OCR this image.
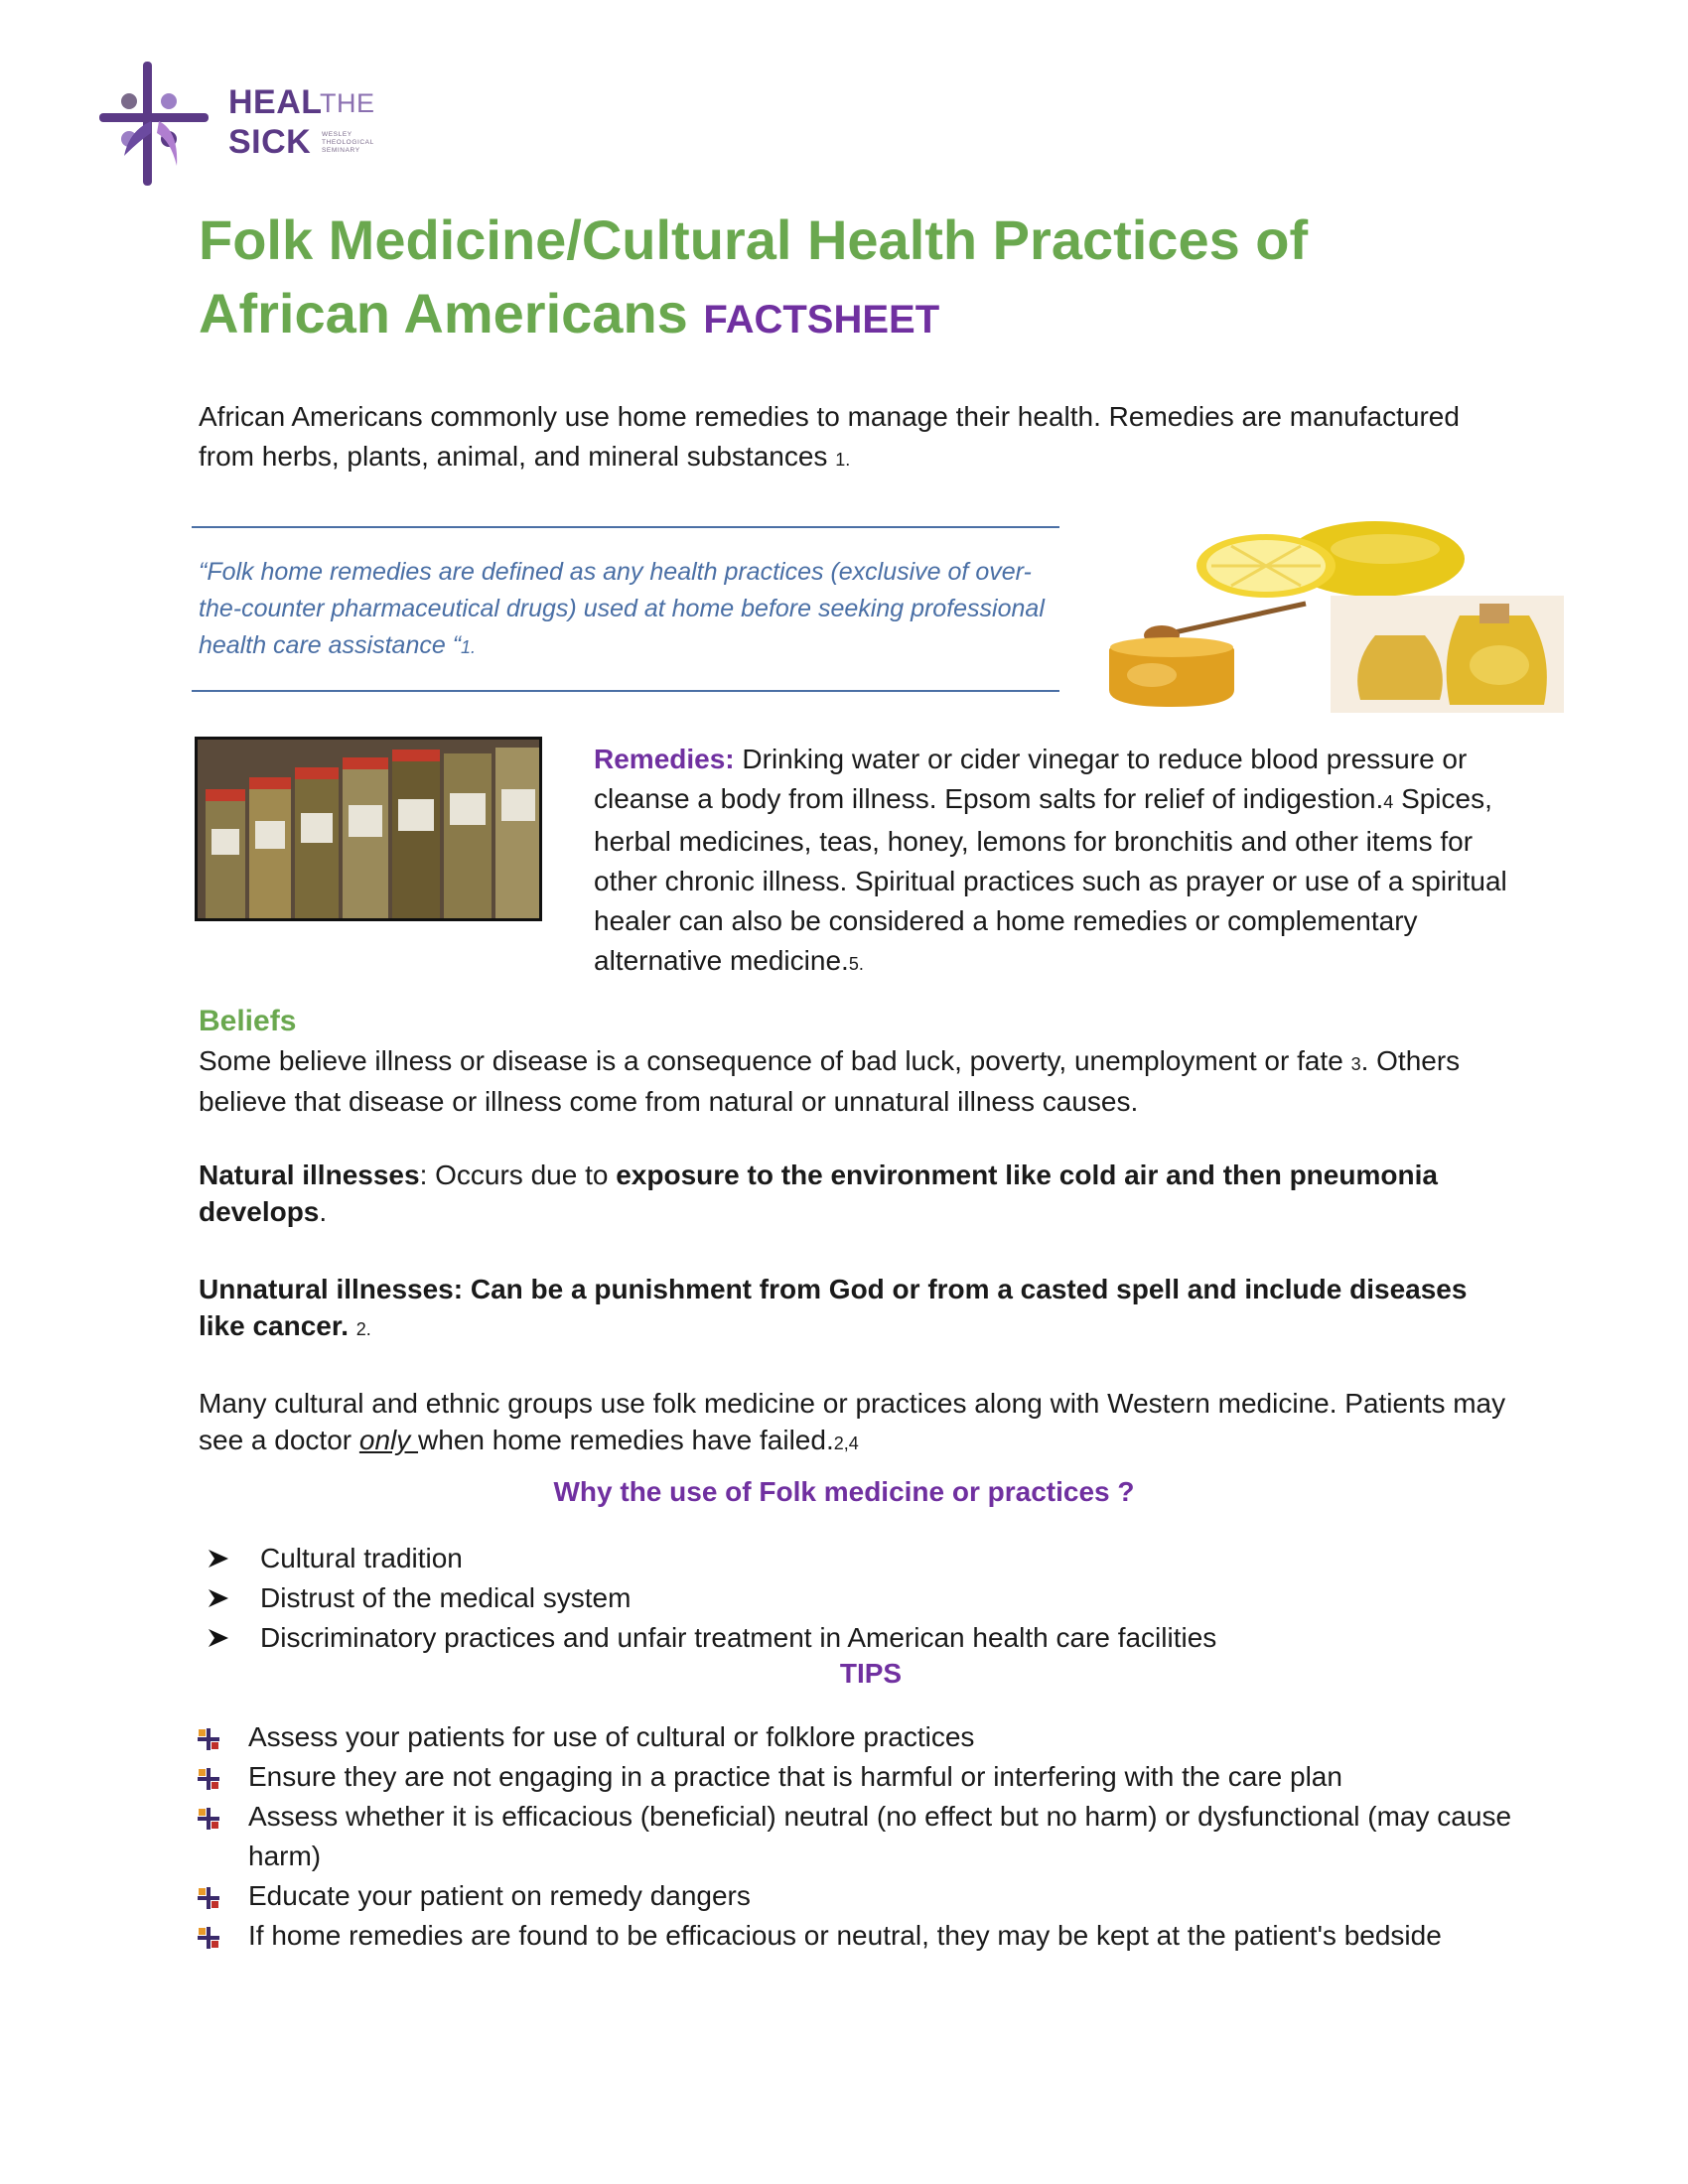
HEAL
THE
SICK WESLEY THEOLOGICAL SEMINARY
Folk Medicine/Cultural Health Practices of
African Americans FACTSHEET
African Americans commonly use home remedies to manage their health. Remedies are manufactured from herbs, plants, animal, and mineral substances 1.
“Folk home remedies are defined as any health practices (exclusive of over-the-counter pharmaceutical drugs) used at home before seeking professional health care assistance “1.
Remedies: Drinking water or cider vinegar to reduce blood pressure or cleanse a body from illness. Epsom salts for relief of indigestion.4 Spices, herbal medicines, teas, honey, lemons for bronchitis and other items for other chronic illness. Spiritual practices such as prayer or use of a spiritual healer can also be considered a home remedies or complementary alternative medicine.5.
Beliefs
Some believe illness or disease is a consequence of bad luck, poverty, unemployment or fate 3. Others believe that disease or illness come from natural or unnatural illness causes.
Natural illnesses: Occurs due to exposure to the environment like cold air and then pneumonia develops.
Unnatural illnesses: Can be a punishment from God or from a casted spell and include diseases like cancer. 2.
Many cultural and ethnic groups use folk medicine or practices along with Western medicine. Patients may see a doctor only when home remedies have failed.2,4
Why the use of Folk medicine or practices ?
Cultural tradition
Distrust of the medical system
Discriminatory practices and unfair treatment in American health care facilities
TIPS
Assess your patients for use of cultural or folklore practices
Ensure they are not engaging in a practice that is harmful or interfering with the care plan
Assess whether it is efficacious (beneficial) neutral (no effect but no harm) or dysfunctional (may cause harm)
Educate your patient on remedy dangers
If home remedies are found to be efficacious or neutral, they may be kept at the patient's bedside
